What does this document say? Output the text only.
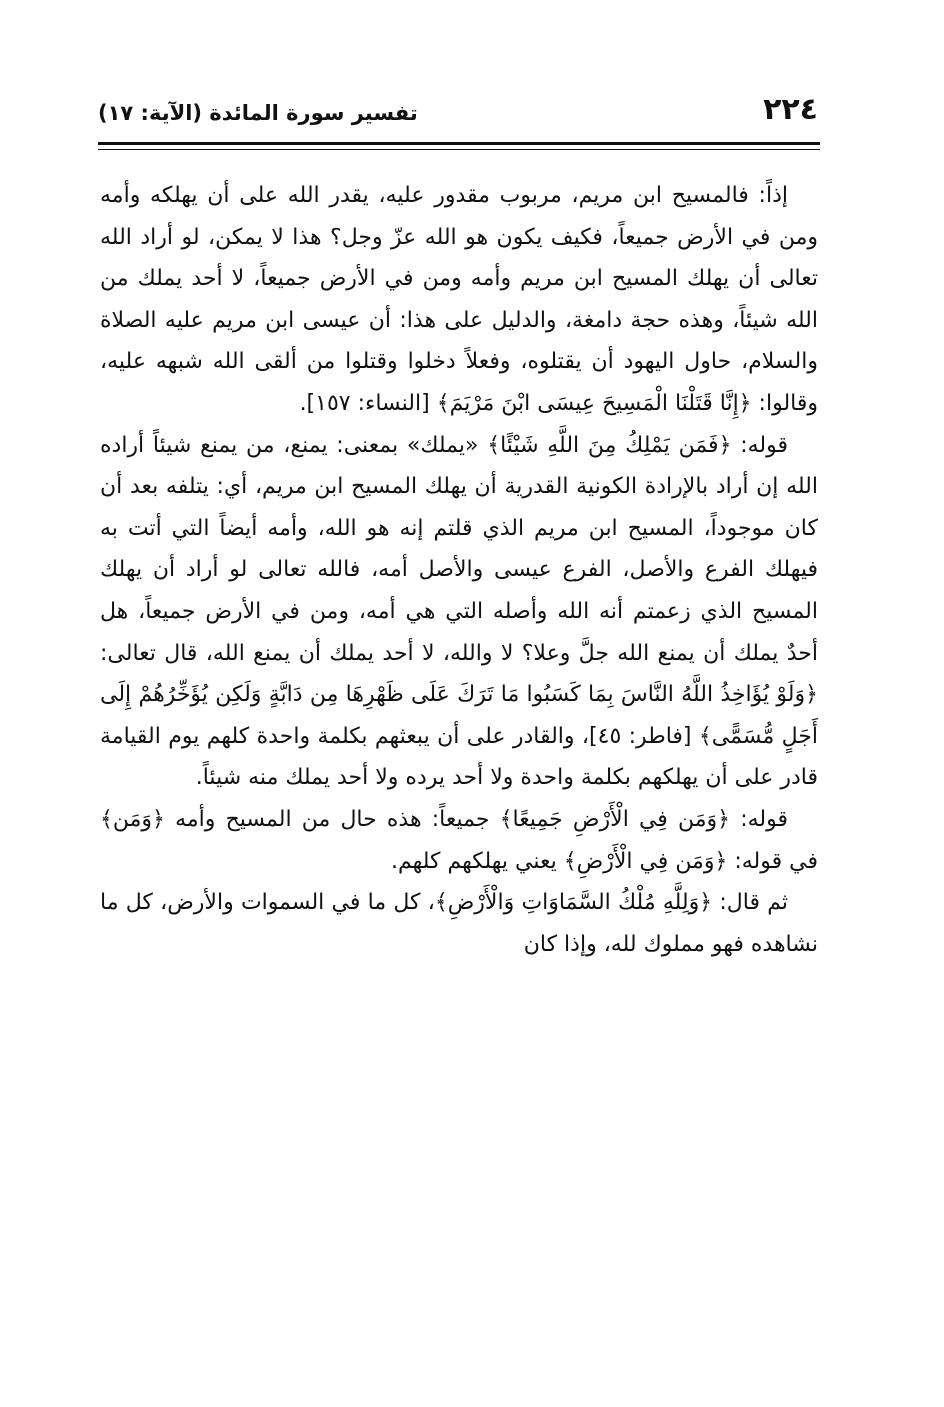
٢٢٤
تفسير سورة المائدة (الآية: ١٧)

إذاً: فالمسيح ابن مريم، مربوب مقدور عليه، يقدر الله على أن يهلكه وأمه ومن في الأرض جميعاً، فكيف يكون هو الله عزّ وجل؟ هذا لا يمكن، لو أراد الله تعالى أن يهلك المسيح ابن مريم وأمه ومن في الأرض جميعاً، لا أحد يملك من الله شيئاً، وهذه حجة دامغة، والدليل على هذا: أن عيسى ابن مريم عليه الصلاة والسلام، حاول اليهود أن يقتلوه، وفعلاً دخلوا وقتلوا من ألقى الله شبهه عليه، وقالوا: ﴿إِنَّا قَتَلْنَا الْمَسِيحَ عِيسَى ابْنَ مَرْيَمَ﴾ [النساء: ١٥٧].

قوله: ﴿فَمَن يَمْلِكُ مِنَ اللَّهِ شَيْئًا﴾ «يملك» بمعنى: يمنع، من يمنع شيئاً أراده الله إن أراد بالإرادة الكونية القدرية أن يهلك المسيح ابن مريم، أي: يتلفه بعد أن كان موجوداً، المسيح ابن مريم الذي قلتم إنه هو الله، وأمه أيضاً التي أتت به فيهلك الفرع والأصل، الفرع عيسى والأصل أمه، فالله تعالى لو أراد أن يهلك المسيح الذي زعمتم أنه الله وأصله التي هي أمه، ومن في الأرض جميعاً، هل أحدٌ يملك أن يمنع الله جلَّ وعلا؟ لا والله، لا أحد يملك أن يمنع الله، قال تعالى: ﴿وَلَوْ يُؤَاخِذُ اللَّهُ النَّاسَ بِمَا كَسَبُوا مَا تَرَكَ عَلَى ظَهْرِهَا مِن دَابَّةٍ وَلَكِن يُؤَخِّرُهُمْ إِلَى أَجَلٍ مُّسَمًّى﴾ [فاطر: ٤٥]، والقادر على أن يبعثهم بكلمة واحدة كلهم يوم القيامة قادر على أن يهلكهم بكلمة واحدة ولا أحد يرده ولا أحد يملك منه شيئاً.

قوله: ﴿وَمَن فِي الْأَرْضِ جَمِيعًا﴾ جميعاً: هذه حال من المسيح وأمه ﴿وَمَن﴾ في قوله: ﴿وَمَن فِي الْأَرْضِ﴾ يعني يهلكهم كلهم.

ثم قال: ﴿وَلِلَّهِ مُلْكُ السَّمَاوَاتِ وَالْأَرْضِ﴾، كل ما في السموات والأرض، كل ما نشاهده فهو مملوك لله، وإذا كان
